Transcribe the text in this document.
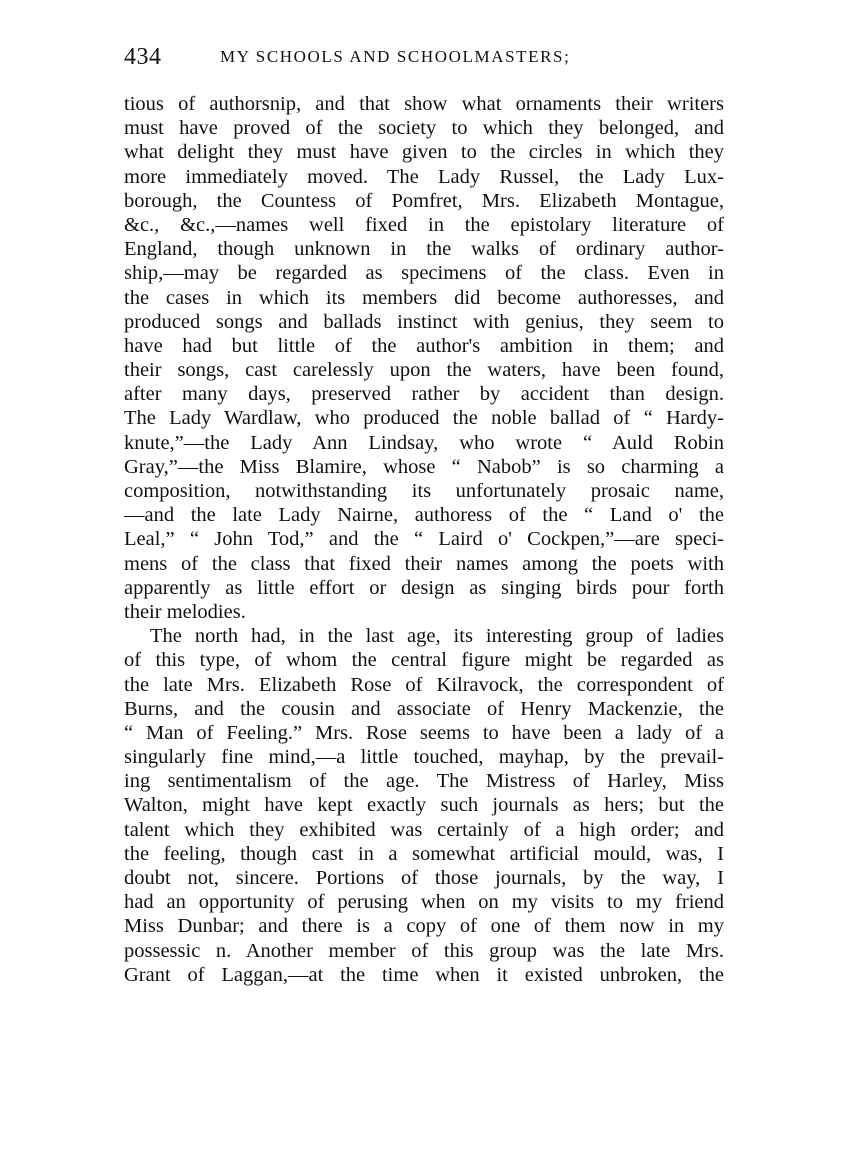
434	MY SCHOOLS AND SCHOOLMASTERS;
tious of authorsnip, and that show what ornaments their writers
must have proved of the society to which they belonged, and
what delight they must have given to the circles in which they
more immediately moved. The Lady Russel, the Lady Lux-
borough, the Countess of Pomfret, Mrs. Elizabeth Montague,
&c., &c.,—names well fixed in the epistolary literature of
England, though unknown in the walks of ordinary author-
ship,—may be regarded as specimens of the class. Even in
the cases in which its members did become authoresses, and
produced songs and ballads instinct with genius, they seem to
have had but little of the author's ambition in them; and
their songs, cast carelessly upon the waters, have been found,
after many days, preserved rather by accident than design.
The Lady Wardlaw, who produced the noble ballad of “ Hardy-
knute,”—the Lady Ann Lindsay, who wrote “ Auld Robin
Gray,”—the Miss Blamire, whose “ Nabob” is so charming a
composition, notwithstanding its unfortunately prosaic name,
—and the late Lady Nairne, authoress of the “ Land o' the
Leal,” “ John Tod,” and the “ Laird o' Cockpen,”—are speci-
mens of the class that fixed their names among the poets with
apparently as little effort or design as singing birds pour forth
their melodies.
The north had, in the last age, its interesting group of ladies
of this type, of whom the central figure might be regarded as
the late Mrs. Elizabeth Rose of Kilravock, the correspondent of
Burns, and the cousin and associate of Henry Mackenzie, the
“ Man of Feeling.” Mrs. Rose seems to have been a lady of a
singularly fine mind,—a little touched, mayhap, by the prevail-
ing sentimentalism of the age. The Mistress of Harley, Miss
Walton, might have kept exactly such journals as hers; but the
talent which they exhibited was certainly of a high order; and
the feeling, though cast in a somewhat artificial mould, was, I
doubt not, sincere. Portions of those journals, by the way, I
had an opportunity of perusing when on my visits to my friend
Miss Dunbar; and there is a copy of one of them now in my
possessic n. Another member of this group was the late Mrs.
Grant of Laggan,—at the time when it existed unbroken, the
